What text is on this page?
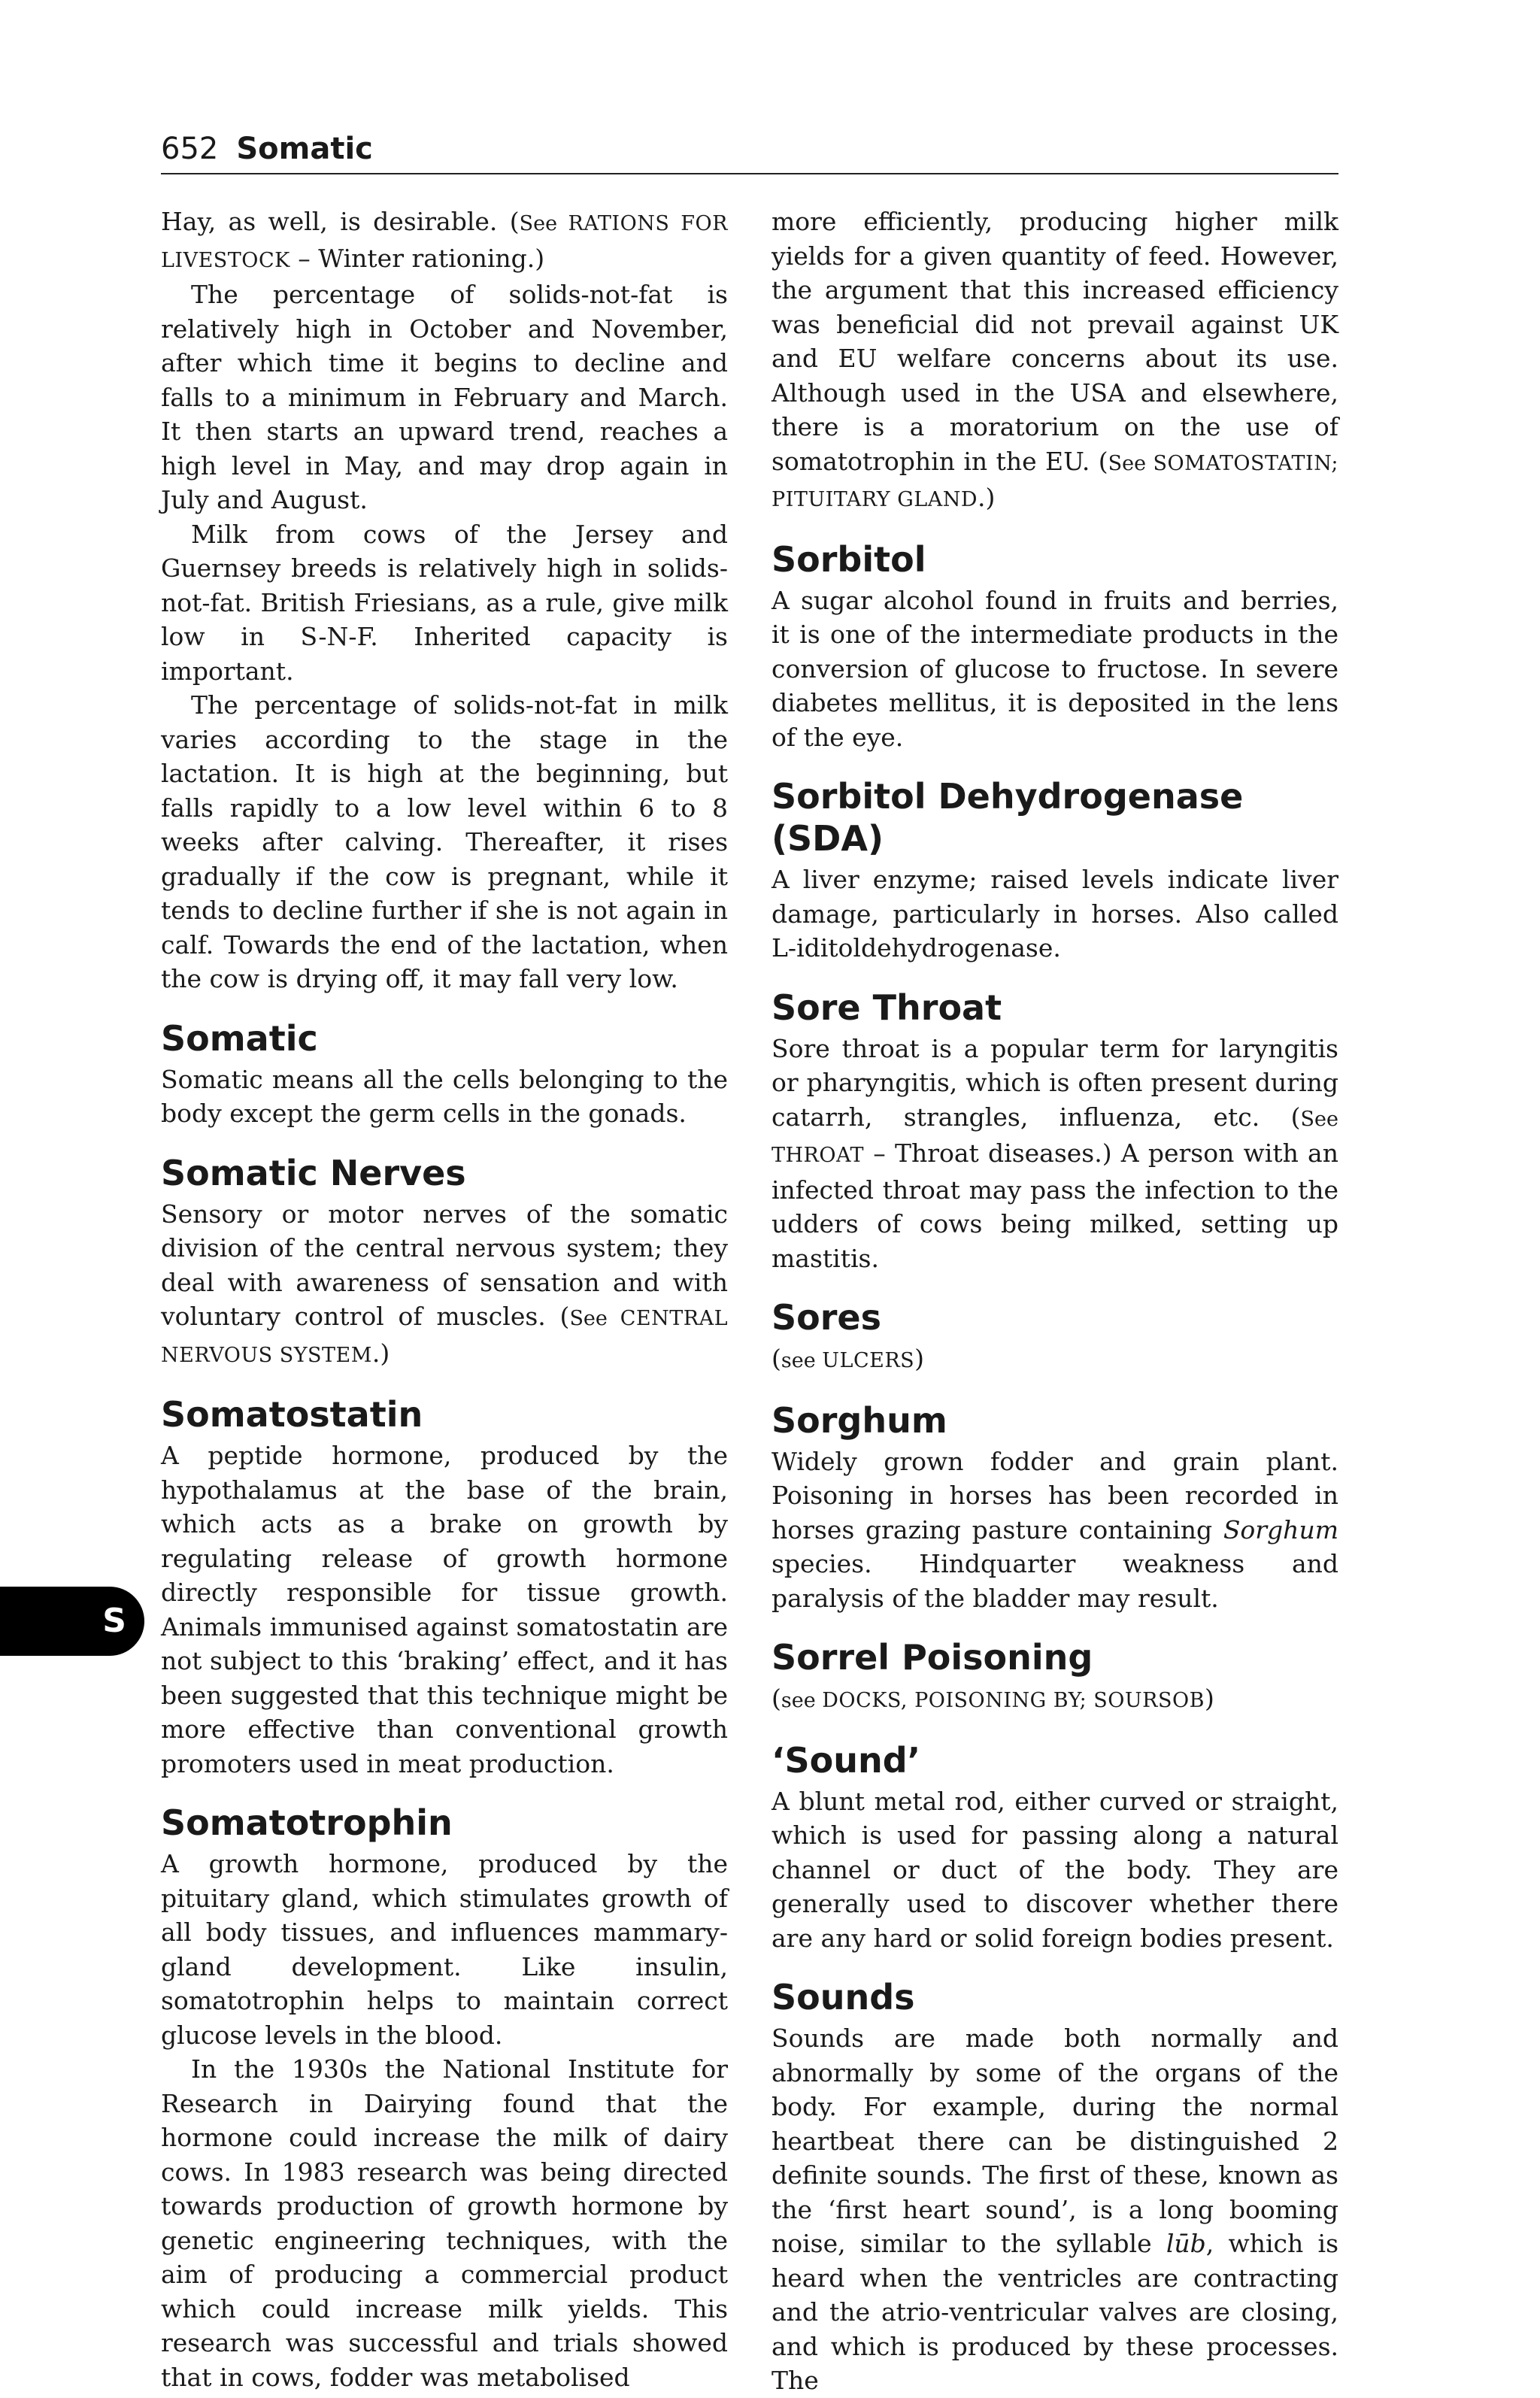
652 Somatic

Hay, as well, is desirable. (See RATIONS FOR LIVESTOCK – Winter rationing.)

The percentage of solids-not-fat is relatively high in October and November, after which time it begins to decline and falls to a minimum in February and March. It then starts an upward trend, reaches a high level in May, and may drop again in July and August.

Milk from cows of the Jersey and Guernsey breeds is relatively high in solids-not-fat. British Friesians, as a rule, give milk low in S-N-F. Inherited capacity is important.

The percentage of solids-not-fat in milk varies according to the stage in the lactation. It is high at the beginning, but falls rapidly to a low level within 6 to 8 weeks after calving. Thereafter, it rises gradually if the cow is pregnant, while it tends to decline further if she is not again in calf. Towards the end of the lactation, when the cow is drying off, it may fall very low.

Somatic

Somatic means all the cells belonging to the body except the germ cells in the gonads.

Somatic Nerves

Sensory or motor nerves of the somatic division of the central nervous system; they deal with awareness of sensation and with voluntary control of muscles. (See CENTRAL NERVOUS SYSTEM.)

Somatostatin

A peptide hormone, produced by the hypothalamus at the base of the brain, which acts as a brake on growth by regulating release of growth hormone directly responsible for tissue growth. Animals immunised against somatostatin are not subject to this ‘braking’ effect, and it has been suggested that this technique might be more effective than conventional growth promoters used in meat production.

Somatotrophin

A growth hormone, produced by the pituitary gland, which stimulates growth of all body tissues, and influences mammary-gland development. Like insulin, somatotrophin helps to maintain correct glucose levels in the blood.

In the 1930s the National Institute for Research in Dairying found that the hormone could increase the milk of dairy cows. In 1983 research was being directed towards production of growth hormone by genetic engineering techniques, with the aim of producing a commercial product which could increase milk yields. This research was successful and trials showed that in cows, fodder was metabolised

more efficiently, producing higher milk yields for a given quantity of feed. However, the argument that this increased efficiency was beneficial did not prevail against UK and EU welfare concerns about its use. Although used in the USA and elsewhere, there is a moratorium on the use of somatotrophin in the EU. (See SOMATOSTATIN; PITUITARY GLAND.)

Sorbitol

A sugar alcohol found in fruits and berries, it is one of the intermediate products in the conversion of glucose to fructose. In severe diabetes mellitus, it is deposited in the lens of the eye.

Sorbitol Dehydrogenase (SDA)

A liver enzyme; raised levels indicate liver damage, particularly in horses. Also called L-iditoldehydrogenase.

Sore Throat

Sore throat is a popular term for laryngitis or pharyngitis, which is often present during catarrh, strangles, influenza, etc. (See THROAT – Throat diseases.) A person with an infected throat may pass the infection to the udders of cows being milked, setting up mastitis.

Sores

(see ULCERS)

Sorghum

Widely grown fodder and grain plant. Poisoning in horses has been recorded in horses grazing pasture containing Sorghum species. Hindquarter weakness and paralysis of the bladder may result.

Sorrel Poisoning

(see DOCKS, POISONING BY; SOURSOB)

‘Sound’

A blunt metal rod, either curved or straight, which is used for passing along a natural channel or duct of the body. They are generally used to discover whether there are any hard or solid foreign bodies present.

Sounds

Sounds are made both normally and abnormally by some of the organs of the body. For example, during the normal heartbeat there can be distinguished 2 definite sounds. The first of these, known as the ‘first heart sound’, is a long booming noise, similar to the syllable lūb, which is heard when the ventricles are contracting and the atrio-ventricular valves are closing, and which is produced by these processes. The

S
